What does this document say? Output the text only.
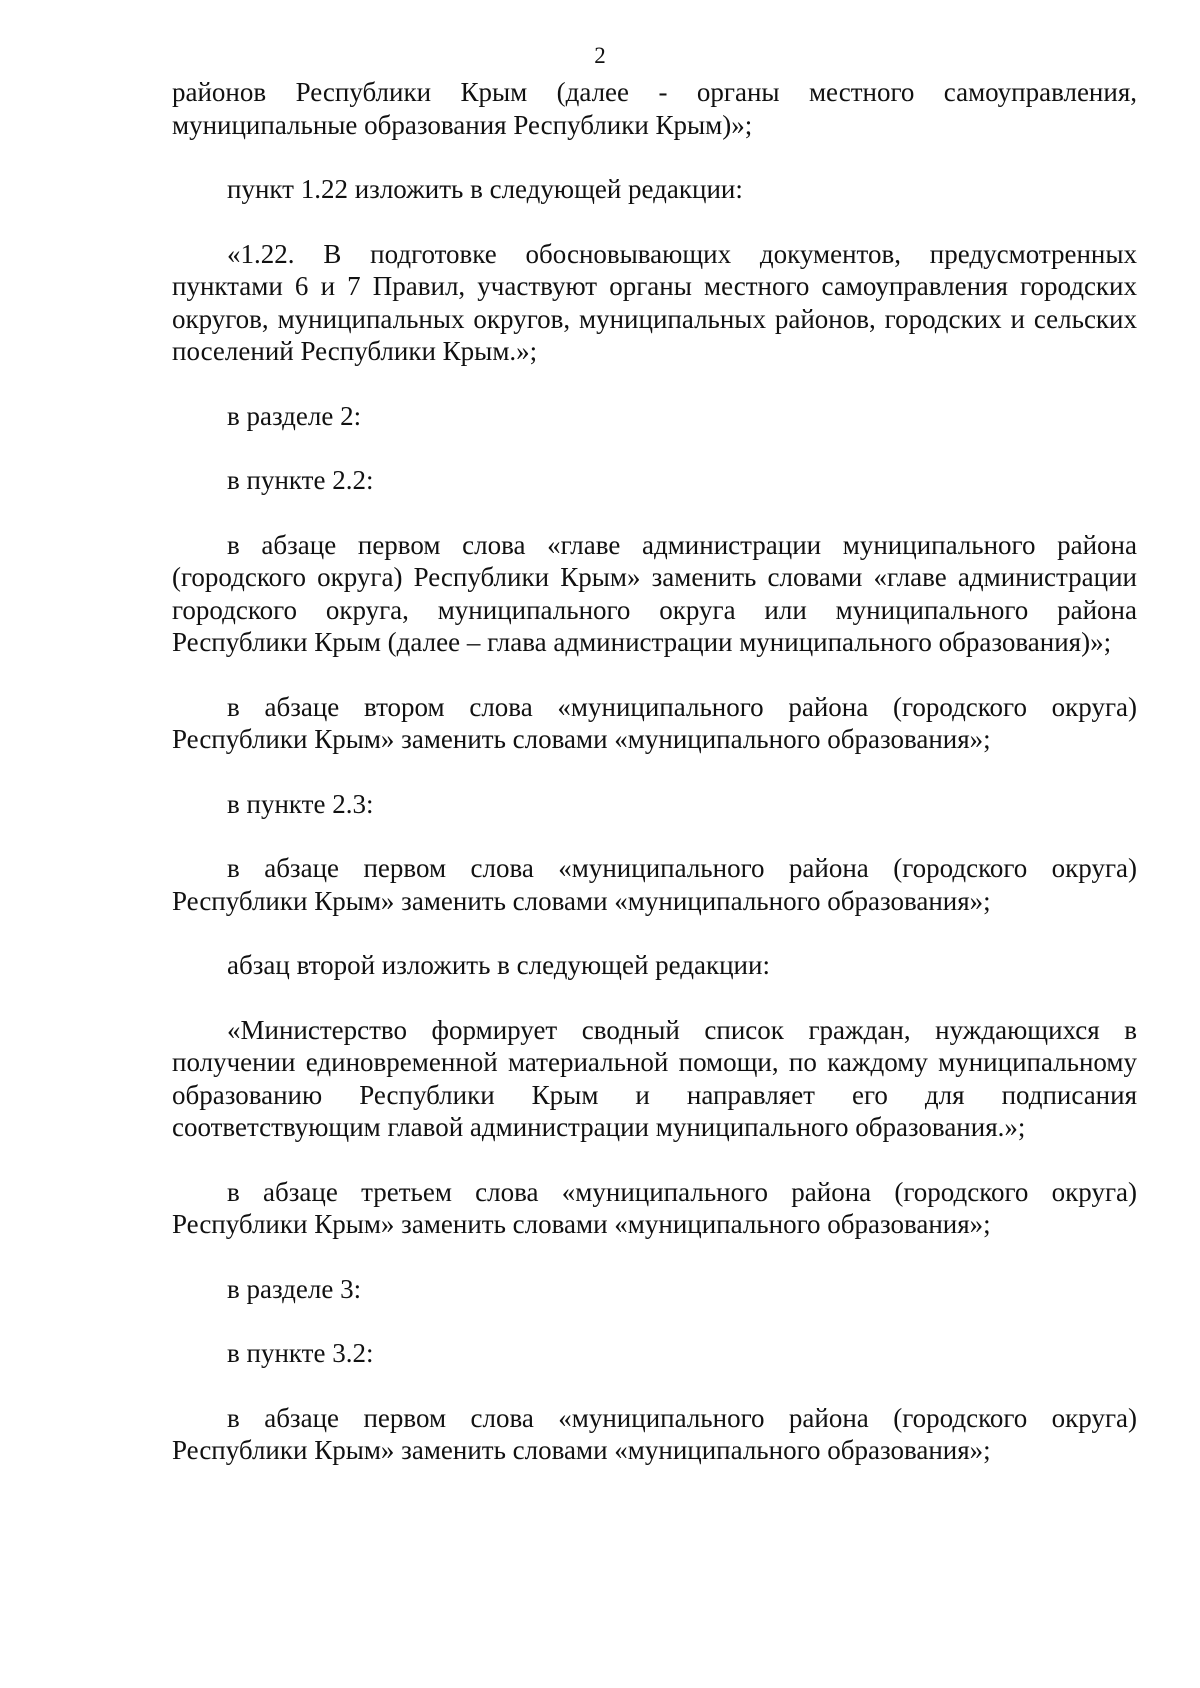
2

районов Республики Крым (далее - органы местного самоуправления, муниципальные образования Республики Крым)»;

пункт 1.22 изложить в следующей редакции:

«1.22. В подготовке обосновывающих документов, предусмотренных пунктами 6 и 7 Правил, участвуют органы местного самоуправления городских округов, муниципальных округов, муниципальных районов, городских и сельских поселений Республики Крым.»;

в разделе 2:

в пункте 2.2:

в абзаце первом слова «главе администрации муниципального района (городского округа) Республики Крым» заменить словами «главе администрации городского округа, муниципального округа или муниципального района Республики Крым (далее – глава администрации муниципального образования)»;

в абзаце втором слова «муниципального района (городского округа) Республики Крым» заменить словами «муниципального образования»;

в пункте 2.3:

в абзаце первом слова «муниципального района (городского округа) Республики Крым» заменить словами «муниципального образования»;

абзац второй изложить в следующей редакции:

«Министерство формирует сводный список граждан, нуждающихся в получении единовременной материальной помощи, по каждому муниципальному образованию Республики Крым и направляет его для подписания соответствующим главой администрации муниципального образования.»;

в абзаце третьем слова «муниципального района (городского округа) Республики Крым» заменить словами «муниципального образования»;

в разделе 3:

в пункте 3.2:

в абзаце первом слова «муниципального района (городского округа) Республики Крым» заменить словами «муниципального образования»;
